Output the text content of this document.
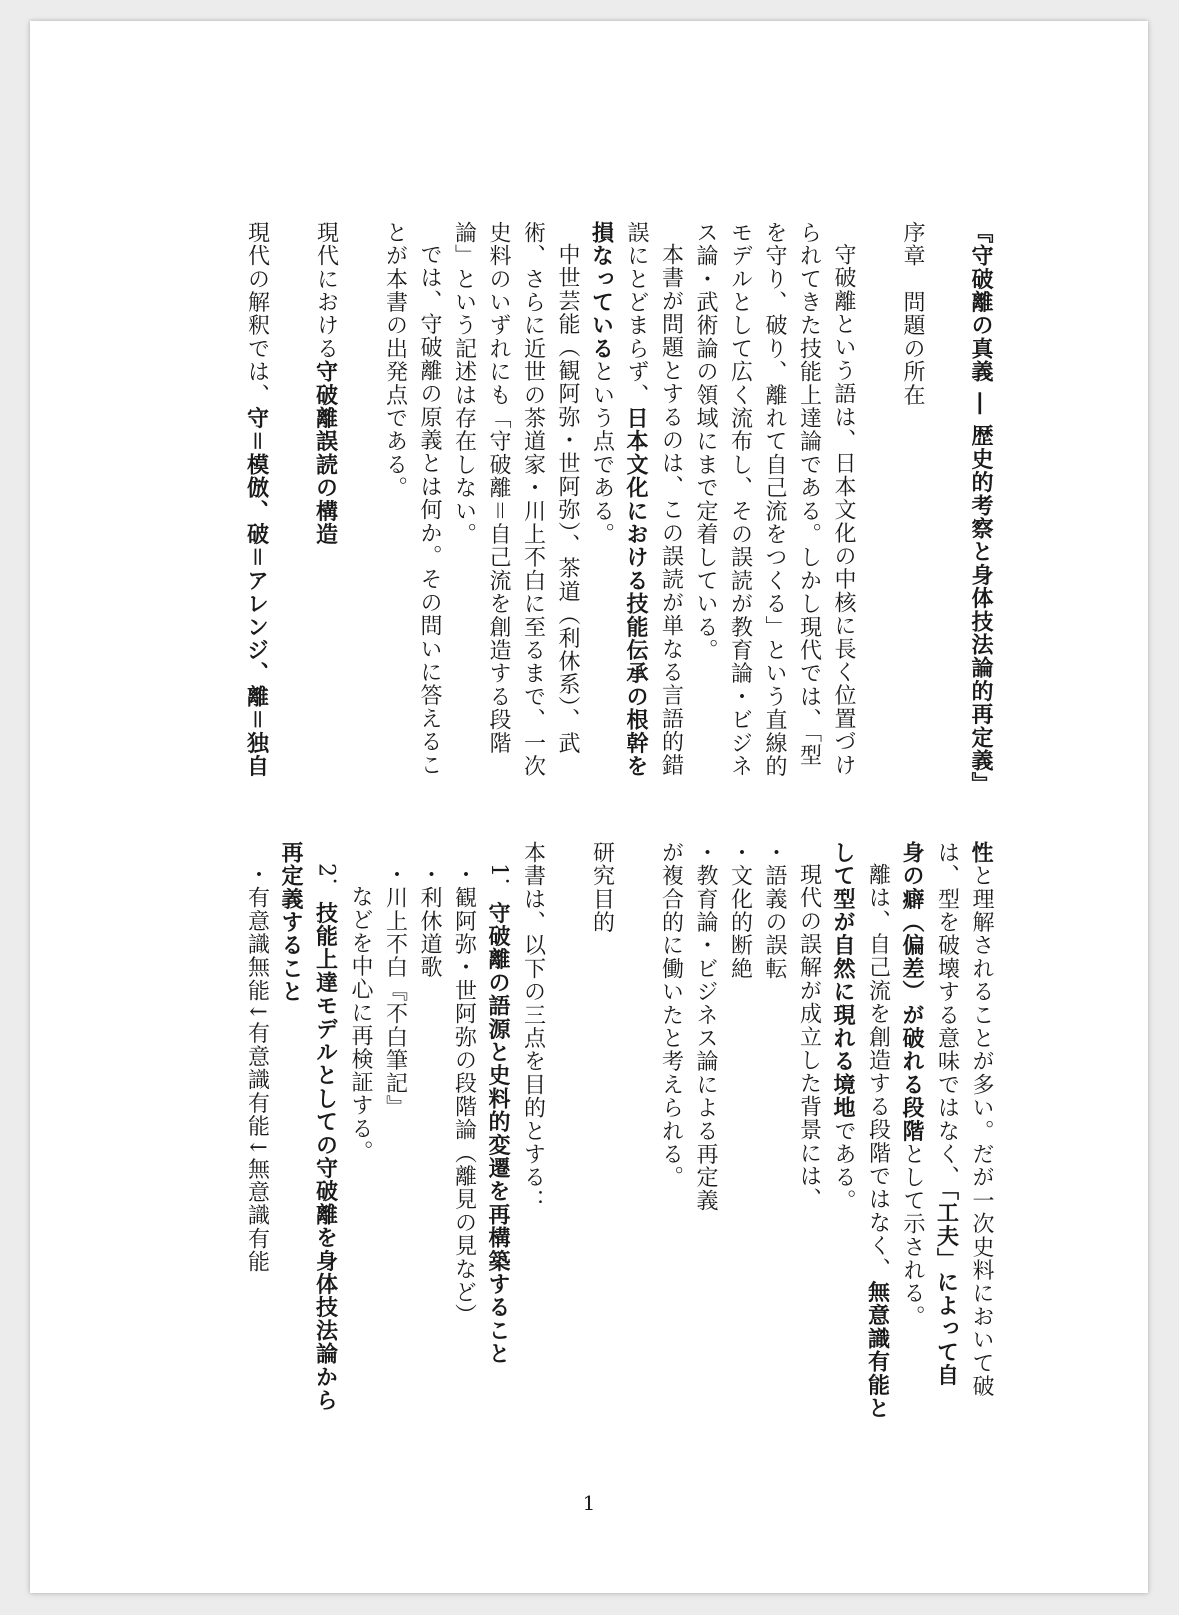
『守破離の真義 ― 歴史的考察と身体技法論的再定義』
序章　問題の所在
守破離という語は、日本文化の中核に長く位置づけ
られてきた技能上達論である。しかし現代では、「型
を守り、破り、離れて自己流をつくる」という直線的
モデルとして広く流布し、その誤読が教育論・ビジネ
ス論・武術論の領域にまで定着している。
本書が問題とするのは、この誤読が単なる言語的錯
誤にとどまらず、日本文化における技能伝承の根幹を
損なっているという点である。
中世芸能（観阿弥・世阿弥）、茶道（利休系）、武
術、さらに近世の茶道家・川上不白に至るまで、一次
史料のいずれにも「守破離＝自己流を創造する段階
論」という記述は存在しない。
では、守破離の原義とは何か。その問いに答えるこ
とが本書の出発点である。
現代における守破離誤読の構造
現代の解釈では、守＝模倣、破＝アレンジ、離＝独自
性と理解されることが多い。だが一次史料において破
は、型を破壊する意味ではなく、「工夫」によって自
身の癖（偏差）が破れる段階として示される。
離は、自己流を創造する段階ではなく、無意識有能と
して型が自然に現れる境地である。
現代の誤解が成立した背景には、
・語義の誤転
・文化的断絶
・教育論・ビジネス論による再定義
が複合的に働いたと考えられる。
研究目的
本書は、以下の三点を目的とする：
1．守破離の語源と史料的変遷を再構築すること
・観阿弥・世阿弥の段階論（離見の見など）
・利休道歌
・川上不白『不白筆記』
などを中心に再検証する。
2．技能上達モデルとしての守破離を身体技法論から
再定義すること
・有意識無能↓有意識有能↓無意識有能
1
